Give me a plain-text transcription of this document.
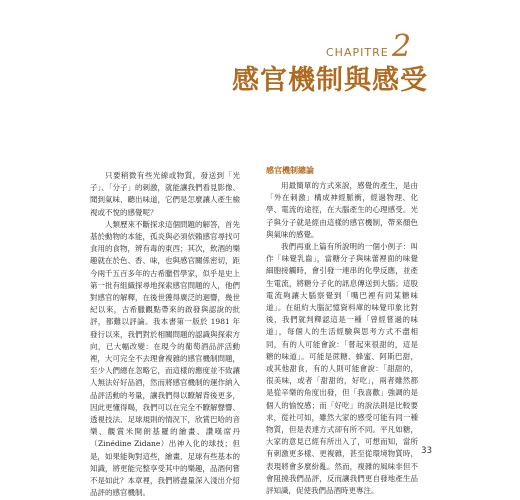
CHAPITRE 2
感官機制與感受

只要稍微有些光線或物質，發送到「光子」、「分子」的刺激，就能讓我們看見影像、聞到氣味、聽出味道，它們是怎麼讓人產生檢視或不悅的感覺呢？

人類歷來不斷探求這個問題的解答，首先基於動物的本能，孤炎與必須依賴感官尋找可食用的食物，辨有毒的東西；其次，飲酒的樂趣就在於色、香、味，也與感官關係密切，距今兩千五百多年的古希臘哲學家，似乎是史上第一批有組織探尋地探索感官問題的人，他們對感官的解釋，在後世獲得廣泛的迴響，幾世紀以來，古希臘觀點帶來的啟發與認說的批評，都難以評論。我本書第一版於 1981 年發行以來，我們對於相關問題的認識與探索方向，已大幅改變：在現今的葡萄酒品評活動裡，大可完全不去理會複雜的感官機制問題，至少人們總在忽略它，而這樣的應度並不致讓人無法好好品酒，然而將感官機制的運作納入品評活動的考量，讓我們得以瞭解背後更多，因此更懂得喝，我們可以在完全不瞭解聲響、透視技法、足球規則的情況下，欣賞巴哈的音樂、觀賞米開朗基羅的繪畫、讚嘆席丹（Zinédine Zidane）出神入化的球技；但是，如果能夠對這些，繪畫、足球有些基本的知識，將更能完整享受其中的樂趣，品酒何嘗不是如此？本章裡，我們將盡量深入淺出介紹品評的感官機制。

感官機制總論

用最簡單的方式來說，感覺的產生，是由「外在刺激」構成神經脈衝，經過物理、化學、電流的途徑，在大腦產生的心理感受。光子與分子就是經由這樣的感官機制，帶來顏色與氣味的感覺。

我們再重上篇有所說明的一個小例子：叫作「味覺乳齒」，當糖分子與味蕾裡面的味覺細胞接觸時，會引發一連串的化學反應，並產生電流，將糖分子化的訊息傳送到大腦；這股電流夠讓大腦察覺到「嘴巴裡有同某糖味道」。在紐約大腦記憶資料庫的味覺印象比對後，我們就判釋認這是一種「曾經嘗過的味道」，每個人的生活經驗與思考方式不盡相同，有的人可能會說：「嘗起來很甜的，這是糖的味道」。可能是蔗糖、蜂蜜、阿斯巴甜，或其他甜食，有的人則可能會說：「甜甜的，很美味，或者「甜甜的，好吃」，兩者雖然都是從辛樂的角度出發，但「我喜歡」強調的是個人的愉悅感；而「好吃」的說法則是比較要求，從社可如，雖然大家的感受可能有同一種物質，但是表達方式卻有所不同。平凡如糖，大家的意見已經有所出入了，可想而知，當所有刺激更多樣、更複雜，甚至從環境物質時，表現將會多麼紛亂。然而，複雜的風味非但不會阻撓我們品評，反而讓我們更自發地產生品評知識，促使我們品酒時更專注。

33
